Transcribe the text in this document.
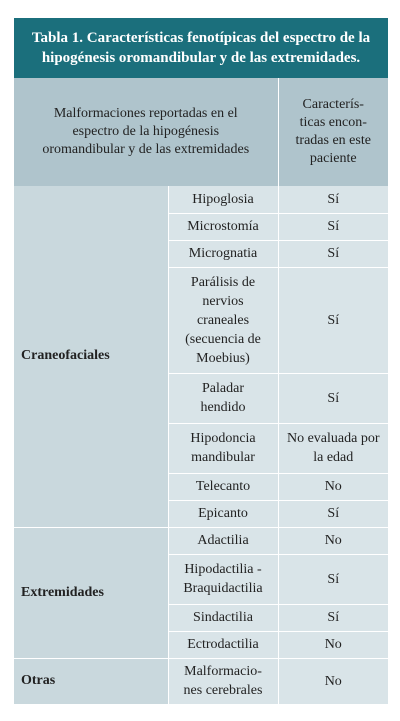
Tabla 1. Características fenotípicas del espectro de la hipogénesis oromandibular y de las extremidades.
Malformaciones reportadas en el espectro de la hipogénesis oromandibular y de las extremidades		Caracterís-ticas encon-tradas en este paciente

Craneofaciales	Hipoglosia	Sí

	Microstomía	Sí

	Micrognatia	Sí

	Parálisis de nervios craneales (secuencia de Moebius)	Sí

	Paladar hendido	Sí

	Hipodoncia mandibular	No evaluada por la edad

	Telecanto	No

	Epicanto	Sí

Extremidades	Adactilia	No

	Hipodactilia - Braquidactilia	Sí

	Sindactilia	Sí

	Ectrodactilia	No

Otras	Malformacio-nes cerebrales	No
